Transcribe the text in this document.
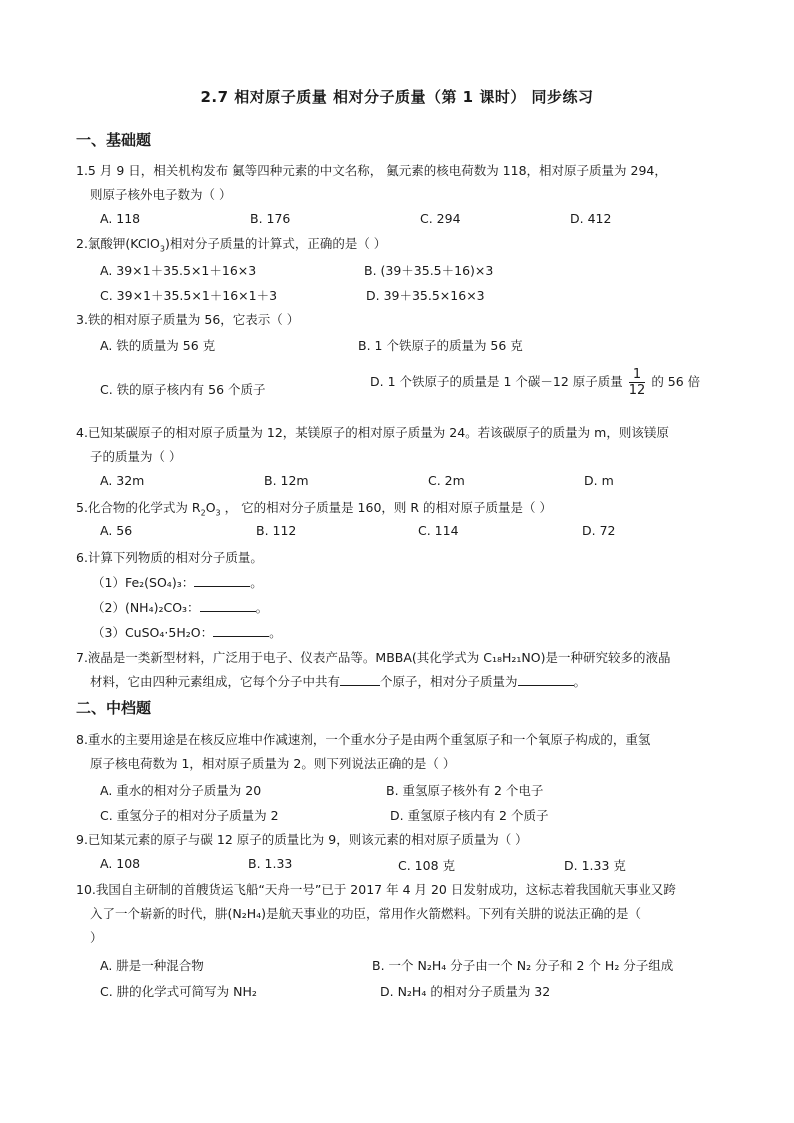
2.7 相对原子质量 相对分子质量（第 1 课时） 同步练习
一、基础题
1.5 月 9 日，相关机构发布 鿫等四种元素的中文名称， 鿫元素的核电荷数为 118，相对原子质量为 294，
则原子核外电子数为（ ）
A. 118	B. 176	C. 294	D. 412
2.氯酸钾(KClO$_3$)相对分子质量的计算式，正确的是（ ）
A. 39×1＋35.5×1＋16×3	B. (39＋35.5＋16)×3
C. 39×1＋35.5×1＋16×1＋3	D. 39＋35.5×16×3
3.铁的相对原子质量为 56，它表示（ ）
A. 铁的质量为 56 克	B. 1 个铁原子的质量为 56 克
C. 铁的原子核内有 56 个质子
D. 1 个铁原子的质量是 1 个碳－12 原子质量 $\frac{1}{12}$ 的 56 倍
4.已知某碳原子的相对原子质量为 12，某镁原子的相对原子质量为 24。若该碳原子的质量为 m，则该镁原
子的质量为（ ）
A. 32m	B. 12m	C. 2m	D. m
5.化合物的化学式为 $R_2O_3$ ， 它的相对分子质量是 160，则 R 的相对原子质量是（ ）
A. 56	B. 112	C. 114	D. 72
6.计算下列物质的相对分子质量。
（1）Fe₂(SO₄)₃：	。
（2）(NH₄)₂CO₃：	。
（3）CuSO₄·5H₂O：	。
7.液晶是一类新型材料，广泛用于电子、仪表产品等。MBBA(其化学式为 C₁₈H₂₁NO)是一种研究较多的液晶
材料，它由四种元素组成，它每个分子中共有	个原子，相对分子质量为	。
二、中档题
8.重水的主要用途是在核反应堆中作减速剂，一个重水分子是由两个重氢原子和一个氧原子构成的，重氢
原子核电荷数为 1，相对原子质量为 2。则下列说法正确的是（ ）
A. 重水的相对分子质量为 20	B. 重氢原子核外有 2 个电子
C. 重氢分子的相对分子质量为 2	D. 重氢原子核内有 2 个质子
9.已知某元素的原子与碳 12 原子的质量比为 9，则该元素的相对原子质量为（ ）
A. 108	B. 1.33	C. 108 克	D. 1.33 克
10.我国自主研制的首艘货运飞船“天舟一号”已于 2017 年 4 月 20 日发射成功，这标志着我国航天事业又跨
入了一个崭新的时代，肼(N₂H₄)是航天事业的功臣，常用作火箭燃料。下列有关肼的说法正确的是（
）
A. 肼是一种混合物	B. 一个 N₂H₄ 分子由一个 N₂ 分子和 2 个 H₂ 分子组成
C. 肼的化学式可简写为 NH₂	D. N₂H₄ 的相对分子质量为 32
